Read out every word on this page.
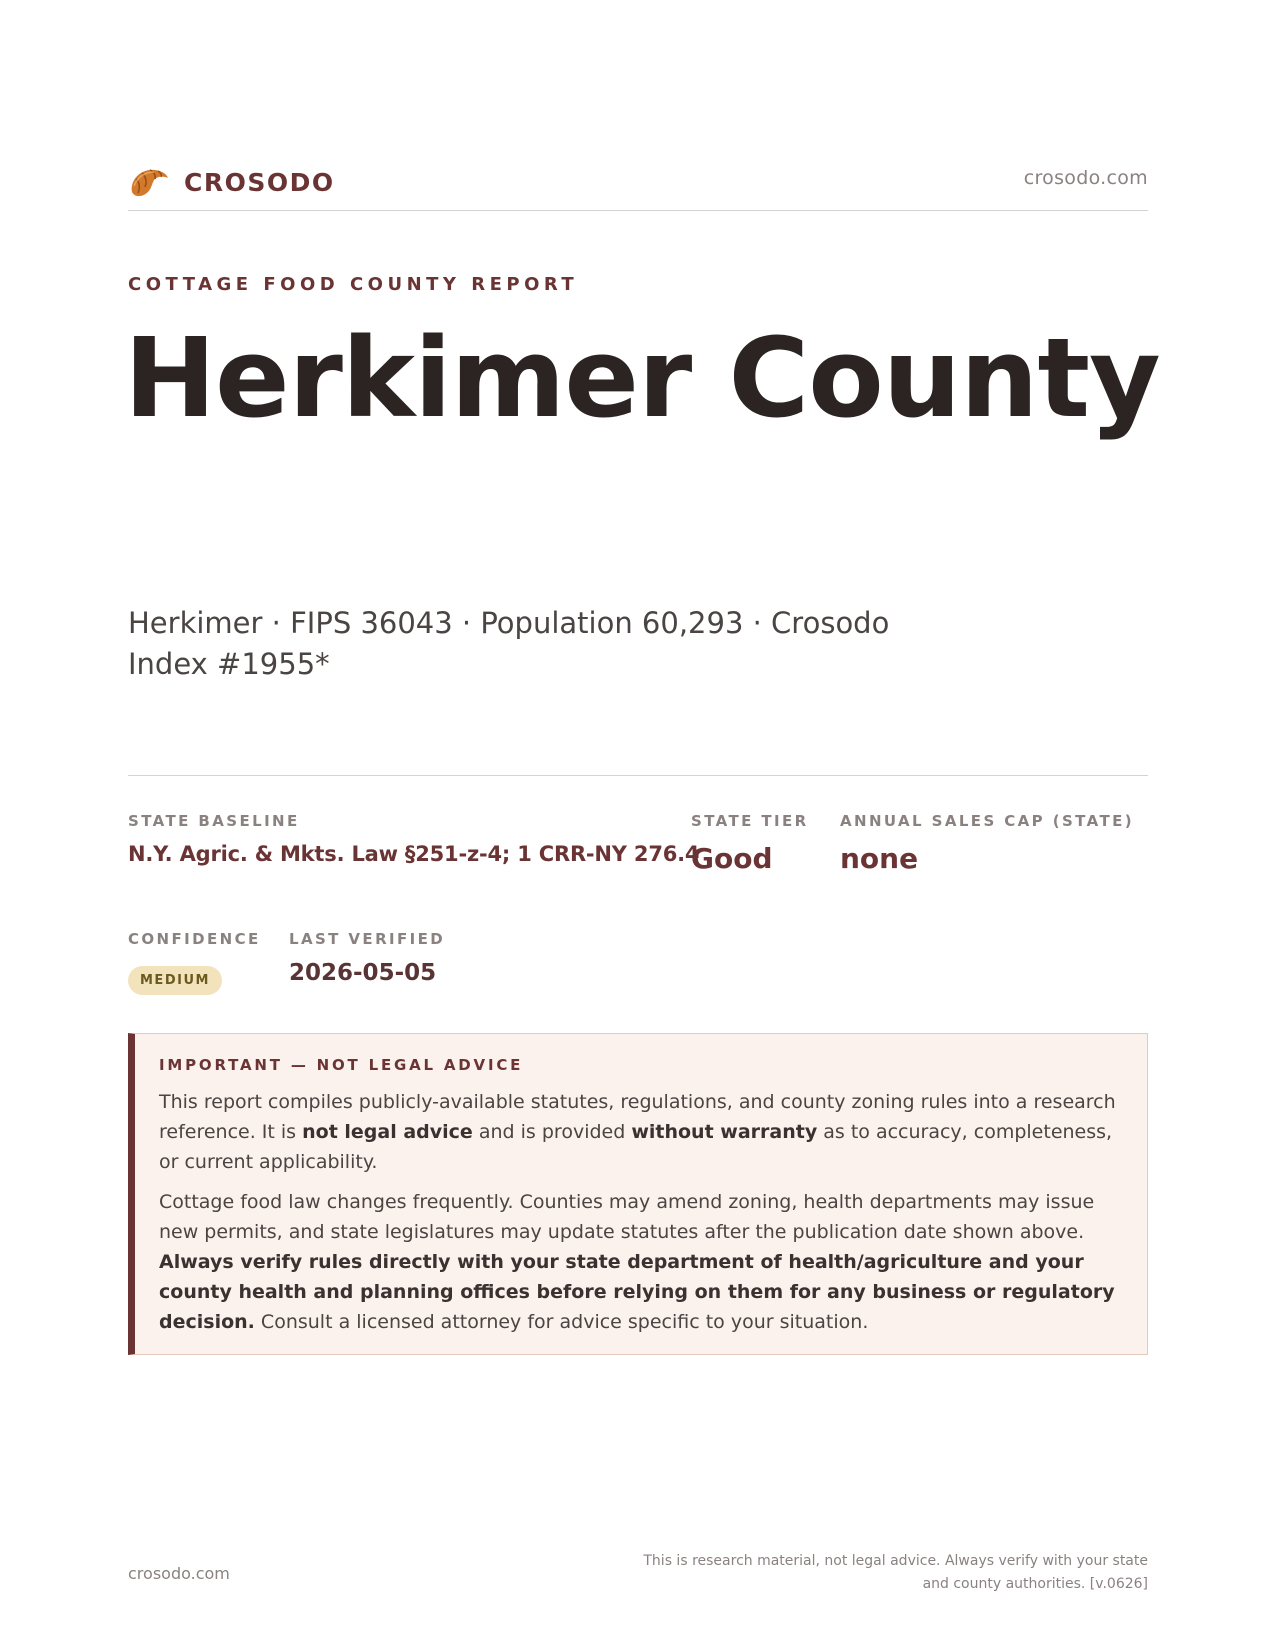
CROSODO	crosodo.com
COTTAGE FOOD COUNTY REPORT
Herkimer County
Herkimer · FIPS 36043 · Population 60,293 · Crosodo Index #1955*
STATE BASELINE
N.Y. Agric. & Mkts. Law §251-z-4; 1 CRR-NY 276.4
STATE TIER
Good
ANNUAL SALES CAP (STATE)
none
CONFIDENCE
MEDIUM
LAST VERIFIED
2026-05-05
IMPORTANT — NOT LEGAL ADVICE

This report compiles publicly-available statutes, regulations, and county zoning rules into a research reference. It is not legal advice and is provided without warranty as to accuracy, completeness, or current applicability.

Cottage food law changes frequently. Counties may amend zoning, health departments may issue new permits, and state legislatures may update statutes after the publication date shown above. Always verify rules directly with your state department of health/agriculture and your county health and planning offices before relying on them for any business or regulatory decision. Consult a licensed attorney for advice specific to your situation.

crosodo.com
This is research material, not legal advice. Always verify with your state and county authorities. [v.0626]
